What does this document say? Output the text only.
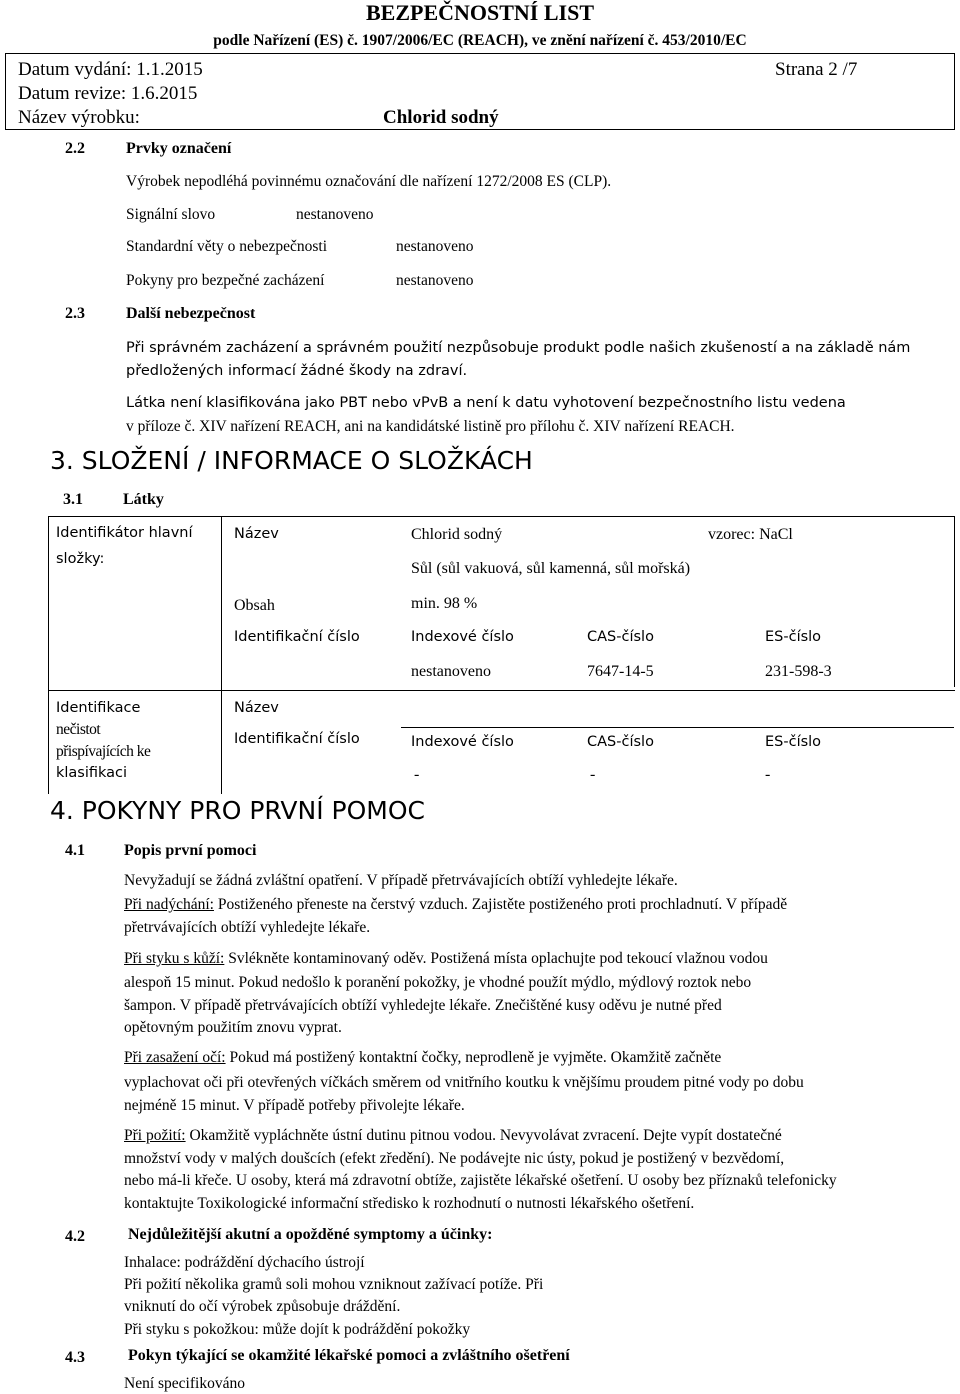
BEZPEČNOSTNÍ LIST
podle Nařízení (ES) č. 1907/2006/EC (REACH), ve znění nařízení č. 453/2010/EC
Datum vydání: 1.1.2015	Strana 2 /7
Datum revize: 1.6.2015
Název výrobku:	Chlorid sodný
2.2	Prvky označení
Výrobek nepodléhá povinnému označování dle nařízení 1272/2008 ES (CLP).
Signální slovo	nestanoveno
Standardní věty o nebezpečnosti	nestanoveno
Pokyny pro bezpečné zacházení	nestanoveno
2.3	Další nebezpečnost
Při správném zacházení a správném použití nezpůsobuje produkt podle našich zkušeností a na základě nám
předložených informací žádné škody na zdraví.
Látka není klasifikována jako PBT nebo vPvB a není k datu vyhotovení bezpečnostního listu vedena
v příloze č. XIV nařízení REACH, ani na kandidátské listině pro přílohu č. XIV nařízení REACH.
3. SLOŽENÍ / INFORMACE O SLOŽKÁCH
3.1	Látky
Identifikátor hlavní
složky:
Název	Chlorid sodný	vzorec: NaCl
Sůl (sůl vakuová, sůl kamenná, sůl mořská)
Obsah	min. 98 %
Identifikační číslo	Indexové číslo	CAS-číslo	ES-číslo
nestanoveno	7647-14-5	231-598-3
Identifikace
nečistot
přispívajících ke
klasifikaci
Název
Identifikační číslo	Indexové číslo	CAS-číslo	ES-číslo
-	-	-
4. POKYNY PRO PRVNÍ POMOC
4.1 Popis první pomoci
Nevyžadují se žádná zvláštní opatření. V případě přetrvávajících obtíží vyhledejte lékaře.
Při nadýchání: Postiženého přeneste na čerstvý vzduch. Zajistěte postiženého proti prochladnutí. V případě
přetrvávajících obtíží vyhledejte lékaře.
Při styku s kůží: Svlékněte kontaminovaný oděv. Postižená místa oplachujte pod tekoucí vlažnou vodou
alespoň 15 minut. Pokud nedošlo k poranění pokožky, je vhodné použít mýdlo, mýdlový roztok nebo
šampon. V případě přetrvávajících obtíží vyhledejte lékaře. Znečištěné kusy oděvu je nutné před
opětovným použitím znovu vyprat.
Při zasažení očí: Pokud má postižený kontaktní čočky, neprodleně je vyjměte. Okamžitě začněte
vyplachovat oči při otevřených víčkách směrem od vnitřního koutku k vnějšímu proudem pitné vody po dobu
nejméně 15 minut. V případě potřeby přivolejte lékaře.
Při požití: Okamžitě vypláchněte ústní dutinu pitnou vodou. Nevyvolávat zvracení. Dejte vypít dostatečné
množství vody v malých doušcích (efekt zředění). Ne podávejte nic ústy, pokud je postižený v bezvědomí,
nebo má-li křeče. U osoby, která má zdravotní obtíže, zajistěte lékařské ošetření. U osoby bez příznaků telefonicky
kontaktujte Toxikologické informační středisko k rozhodnutí o nutnosti lékařského ošetření.
4.2	Nejdůležitější akutní a opožděné symptomy a účinky:
Inhalace: podráždění dýchacího ústrojí
Při požití několika gramů soli mohou vzniknout zažívací potíže. Při
vniknutí do očí výrobek způsobuje dráždění.
Při styku s pokožkou: může dojít k podráždění pokožky
4.3	Pokyn týkající se okamžité lékařské pomoci a zvláštního ošetření
Není specifikováno
